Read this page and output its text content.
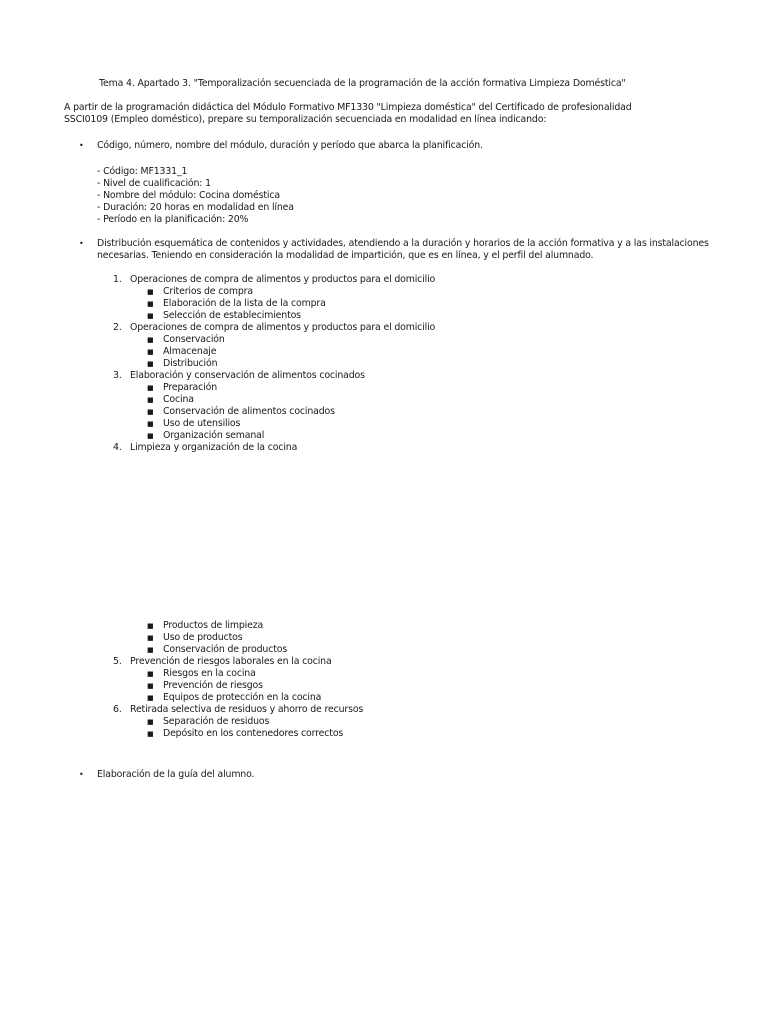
Tema 4. Apartado 3. "Temporalización secuenciada de la programación de la acción formativa Limpieza Doméstica"

A partir de la programación didáctica del Módulo Formativo MF1330 "Limpieza doméstica" del Certificado de profesionalidad

SSCI0109 (Empleo doméstico), prepare su temporalización secuenciada en modalidad en línea indicando:

•	Código, número, nombre del módulo, duración y período que abarca la planificación.
- Código: MF1331_1
- Nivel de cualificación: 1
- Nombre del módulo: Cocina doméstica
- Duración: 20 horas en modalidad en línea
- Período en la planificación: 20%
•	Distribución esquemática de contenidos y actividades, atendiendo a la duración y horarios de la acción formativa y a las instalaciones necesarias. Teniendo en consideración la modalidad de impartición, que es en línea, y el perfil del alumnado.
1. Operaciones de compra de alimentos y productos para el domicilio
■	Criterios de compra
■	Elaboración de la lista de la compra
■	Selección de establecimientos
2. Operaciones de compra de alimentos y productos para el domicilio
■	Conservación
■	Almacenaje
■	Distribución
3. Elaboración y conservación de alimentos cocinados
■	Preparación
■	Cocina
■	Conservación de alimentos cocinados
■	Uso de utensilios
■	Organización semanal
4. Limpieza y organización de la cocina
■	Productos de limpieza
■	Uso de productos
■	Conservación de productos
5. Prevención de riesgos laborales en la cocina
■	Riesgos en la cocina
■	Prevención de riesgos
■	Equipos de protección en la cocina
6. Retirada selectiva de residuos y ahorro de recursos
■	Separación de residuos
■	Depósito en los contenedores correctos
•	Elaboración de la guía del alumno.
